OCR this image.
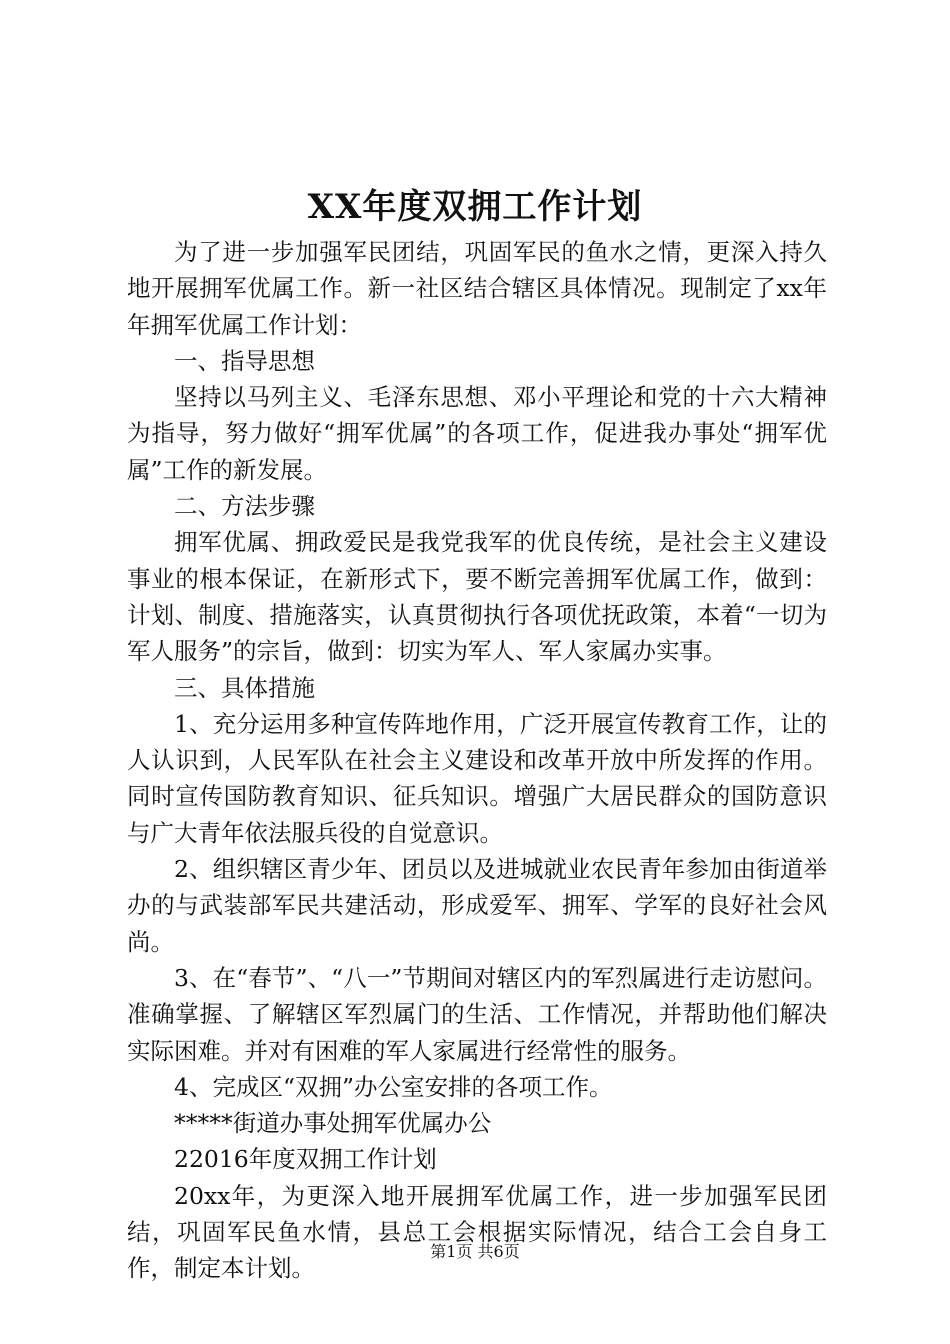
XX年度双拥工作计划

为了进一步加强军民团结，巩固军民的鱼水之情，更深入持久地开展拥军优属工作。新一社区结合辖区具体情况。现制定了xx年年拥军优属工作计划：

一、指导思想

坚持以马列主义、毛泽东思想、邓小平理论和党的十六大精神为指导，努力做好“拥军优属”的各项工作，促进我办事处“拥军优属”工作的新发展。

二、方法步骤

拥军优属、拥政爱民是我党我军的优良传统，是社会主义建设事业的根本保证，在新形式下，要不断完善拥军优属工作，做到：计划、制度、措施落实，认真贯彻执行各项优抚政策，本着“一切为军人服务”的宗旨，做到：切实为军人、军人家属办实事。

三、具体措施

1、充分运用多种宣传阵地作用，广泛开展宣传教育工作，让的人认识到，人民军队在社会主义建设和改革开放中所发挥的作用。同时宣传国防教育知识、征兵知识。增强广大居民群众的国防意识与广大青年依法服兵役的自觉意识。

2、组织辖区青少年、团员以及进城就业农民青年参加由街道举办的与武装部军民共建活动，形成爱军、拥军、学军的良好社会风尚。

3、在“春节”、“八一”节期间对辖区内的军烈属进行走访慰问。准确掌握、了解辖区军烈属门的生活、工作情况，并帮助他们解决实际困难。并对有困难的军人家属进行经常性的服务。

4、完成区“双拥”办公室安排的各项工作。

*****街道办事处拥军优属办公

22016年度双拥工作计划

20xx年，为更深入地开展拥军优属工作，进一步加强军民团结，巩固军民鱼水情，县总工会根据实际情况，结合工会自身工作，制定本计划。

第1页 共6页
